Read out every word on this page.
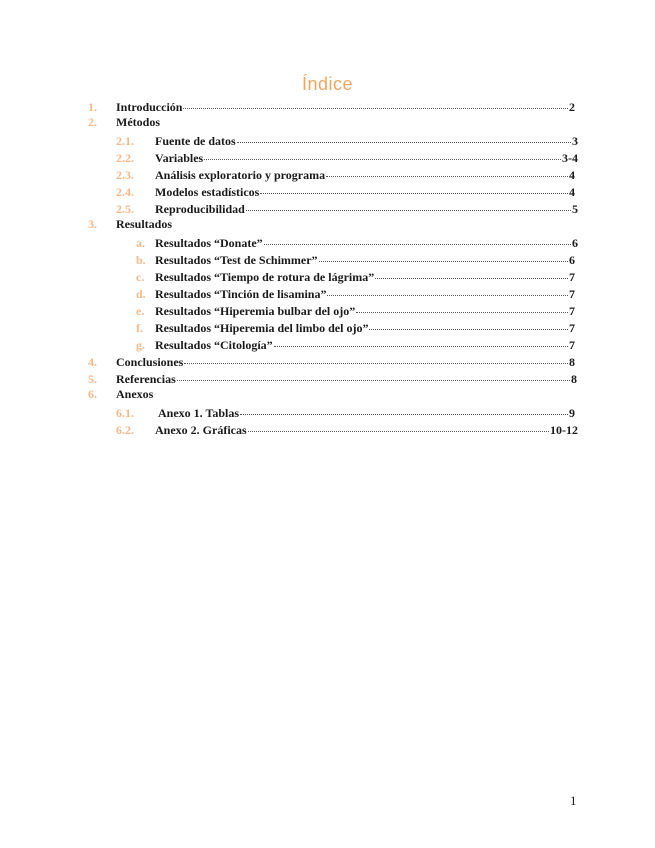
Índice
1.	Introducción	2
2.	Métodos
2.1.	Fuente de datos	3
2.2.	Variables	3-4
2.3.	Análisis exploratorio y programa	4
2.4.	Modelos estadísticos	4
2.5.	Reproducibilidad	5
3.	Resultados
a. Resultados “Donate”	6
b. Resultados “Test de Schimmer”	6
c. Resultados “Tiempo de rotura de lágrima”	7
d. Resultados “Tinción de lisamina”	7
e. Resultados “Hiperemia bulbar del ojo”	7
f.	Resultados “Hiperemia del limbo del ojo”	7
g. Resultados “Citología”	7
4.	Conclusiones	8
5.	Referencias	8
6.	Anexos
6.1.	Anexo 1. Tablas	9
6.2.	Anexo 2. Gráficas	10-12
1
